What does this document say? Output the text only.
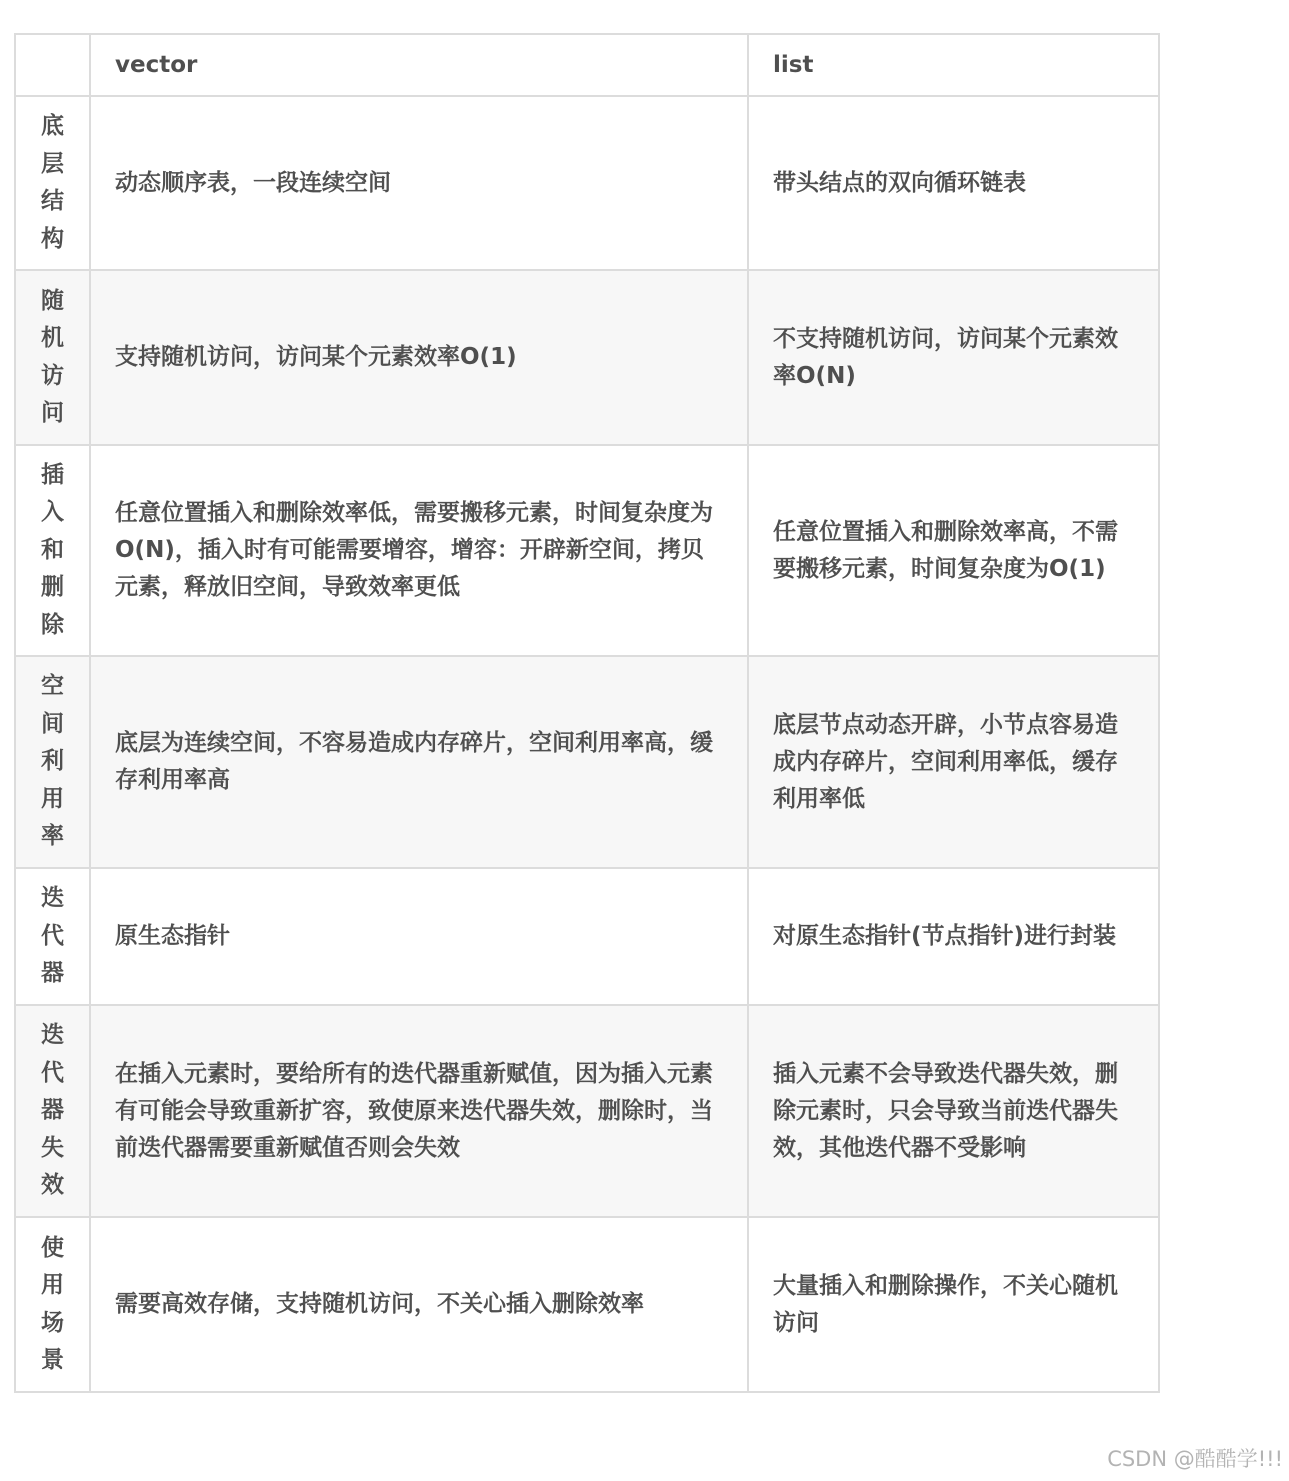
	vector	list
底层结构	动态顺序表，一段连续空间	带头结点的双向循环链表
随机访问	支持随机访问，访问某个元素效率O(1)	不支持随机访问，访问某个元素效率O(N)
插入和删除	任意位置插入和删除效率低，需要搬移元素，时间复杂度为O(N)，插入时有可能需要增容，增容：开辟新空间，拷贝元素，释放旧空间，导致效率更低	任意位置插入和删除效率高，不需要搬移元素，时间复杂度为O(1)
空间利用率	底层为连续空间，不容易造成内存碎片，空间利用率高，缓存利用率高	底层节点动态开辟，小节点容易造成内存碎片，空间利用率低，缓存利用率低
迭代器	原生态指针	对原生态指针(节点指针)进行封装
迭代器失效	在插入元素时，要给所有的迭代器重新赋值，因为插入元素有可能会导致重新扩容，致使原来迭代器失效，删除时，当前迭代器需要重新赋值否则会失效	插入元素不会导致迭代器失效，删除元素时，只会导致当前迭代器失效，其他迭代器不受影响
使用场景	需要高效存储，支持随机访问，不关心插入删除效率	大量插入和删除操作，不关心随机访问
CSDN @酷酷学!!!
